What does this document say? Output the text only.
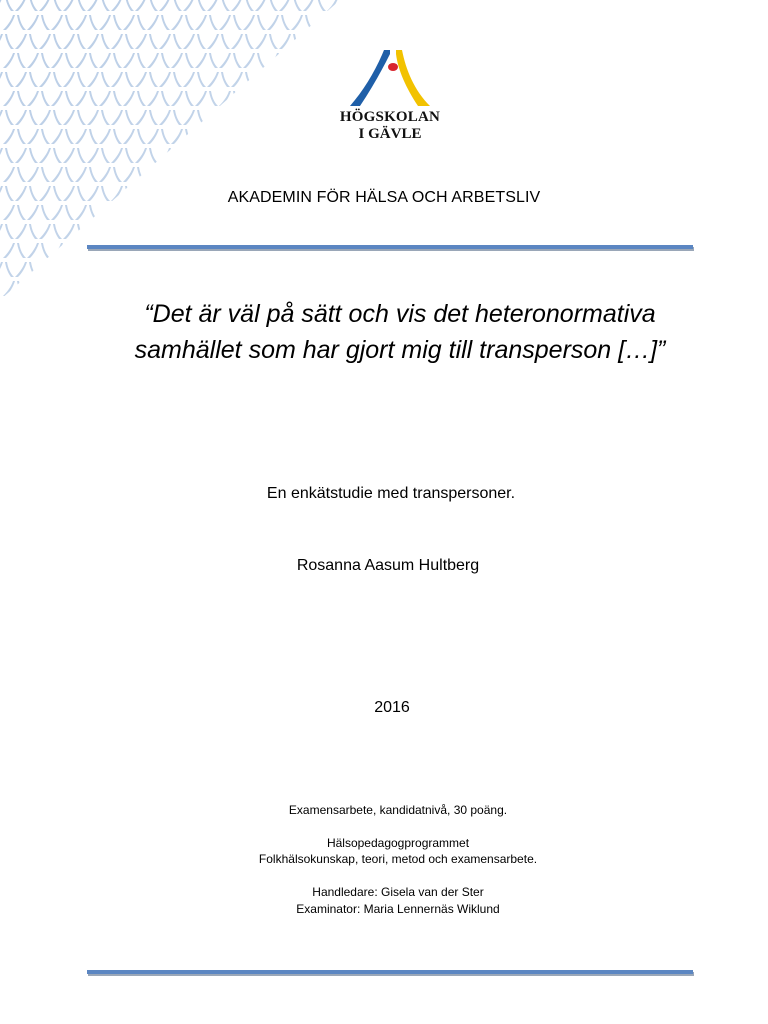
HÖGSKOLAN
I GÄVLE
AKADEMIN FÖR HÄLSA OCH ARBETSLIV
“Det är väl på sätt och vis det heteronormativa
samhället som har gjort mig till transperson […]”
En enkätstudie med transpersoner.
Rosanna Aasum Hultberg
2016
Examensarbete, kandidatnivå, 30 poäng.
Hälsopedagogprogrammet
Folkhälsokunskap, teori, metod och examensarbete.
Handledare: Gisela van der Ster
Examinator: Maria Lennernäs Wiklund
